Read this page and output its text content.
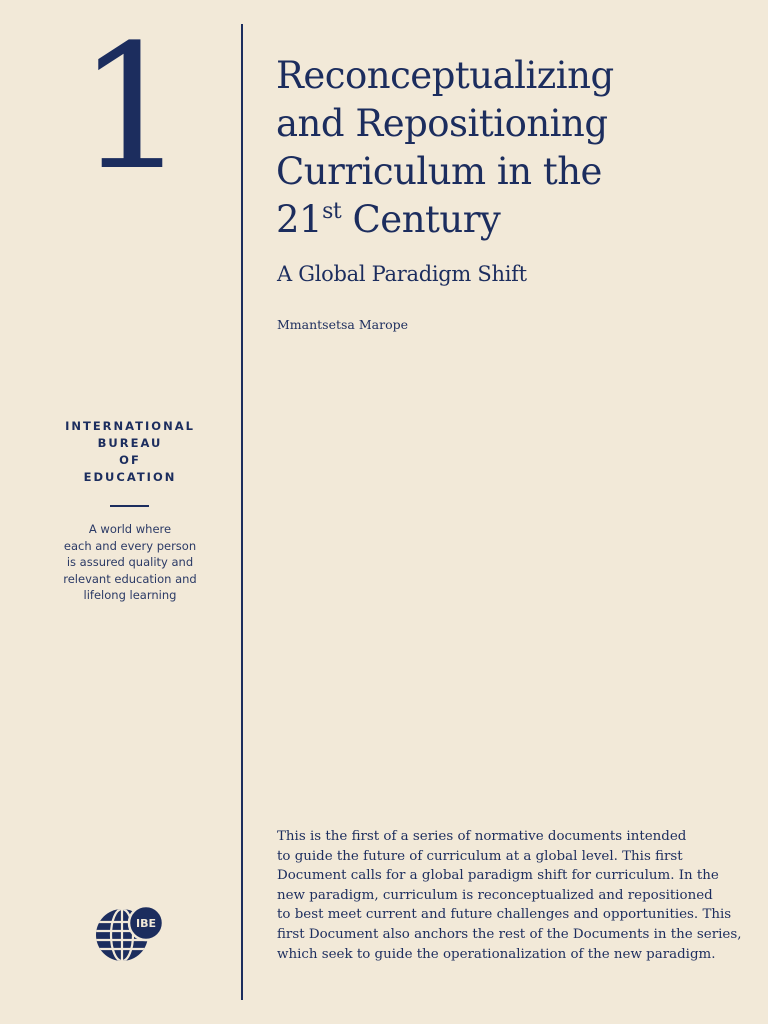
1	Reconceptualizing
and Repositioning
Curriculum in the
21st Century
A Global Paradigm Shift
Mmantsetsa Marope
INTERNATIONAL
BUREAU
OF
EDUCATION
A world where
each and every person
is assured quality and
relevant education and
lifelong learning
This is the first of a series of normative documents intended
to guide the future of curriculum at a global level. This first
Document calls for a global paradigm shift for curriculum. In the
new paradigm, curriculum is reconceptualized and repositioned
to best meet current and future challenges and opportunities. This
first Document also anchors the rest of the Documents in the series,
which seek to guide the operationalization of the new paradigm.
IBE
